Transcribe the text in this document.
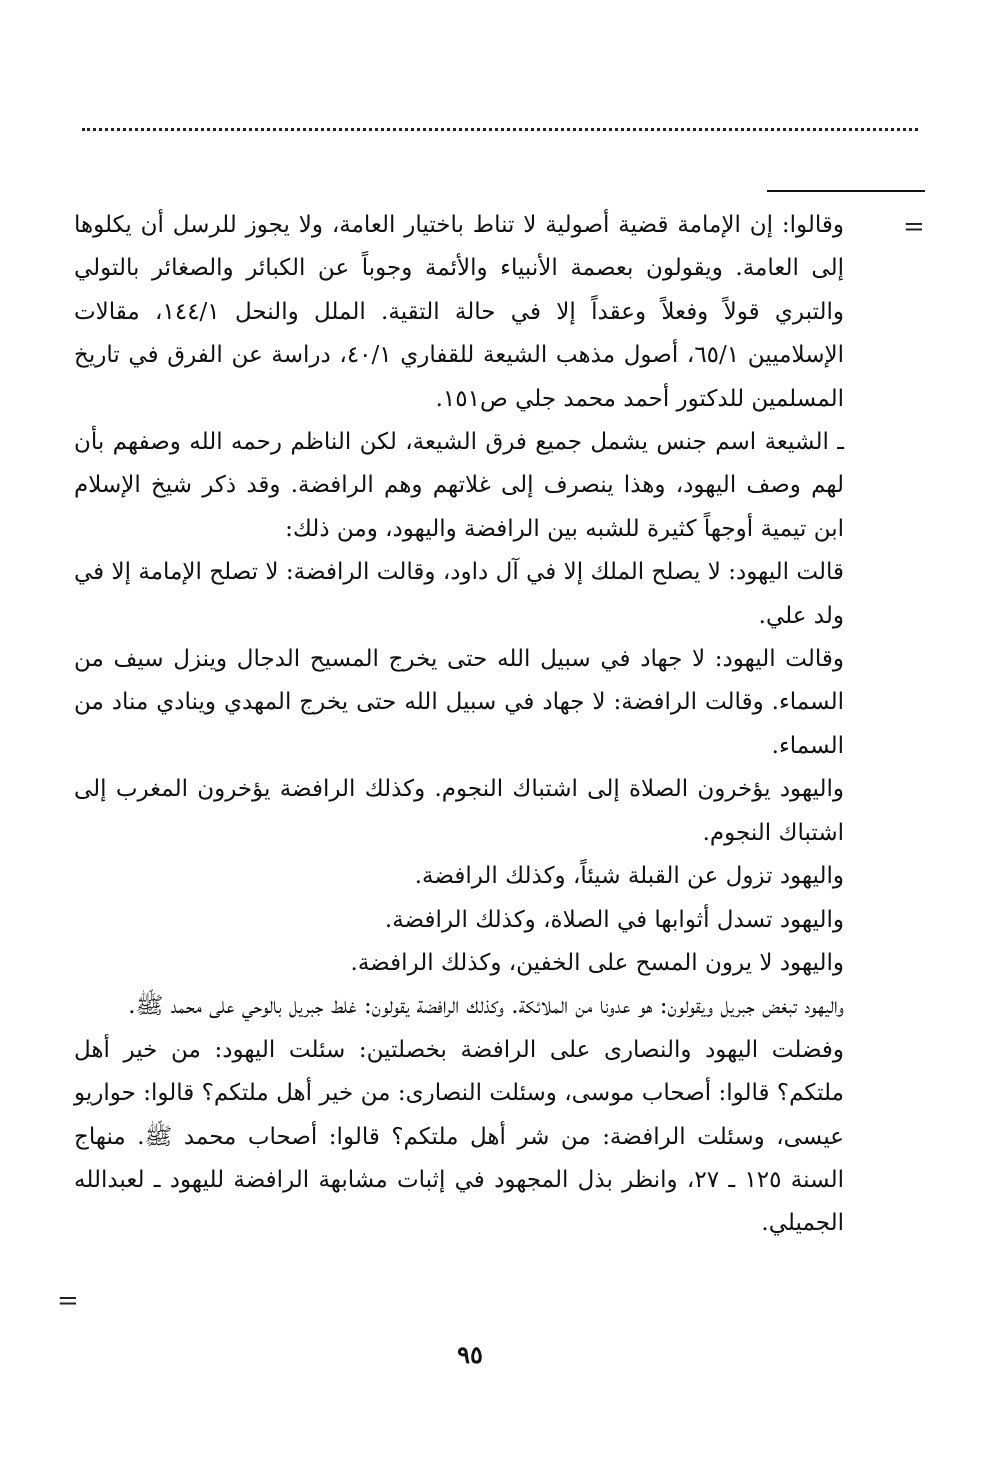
=

وقالوا: إن الإمامة قضية أصولية لا تناط باختيار العامة، ولا يجوز للرسل أن يكلوها إلى العامة. ويقولون بعصمة الأنبياء والأئمة وجوباً عن الكبائر والصغائر بالتولي والتبري قولاً وفعلاً وعقداً إلا في حالة التقية. الملل والنحل ١٤٤/١، مقالات الإسلاميين ٦٥/١، أصول مذهب الشيعة للقفاري ٤٠/١، دراسة عن الفرق في تاريخ المسلمين للدكتور أحمد محمد جلي ص١٥١.

ـ الشيعة اسم جنس يشمل جميع فرق الشيعة، لكن الناظم رحمه الله وصفهم بأن لهم وصف اليهود، وهذا ينصرف إلى غلاتهم وهم الرافضة. وقد ذكر شيخ الإسلام ابن تيمية أوجهاً كثيرة للشبه بين الرافضة واليهود، ومن ذلك:

قالت اليهود: لا يصلح الملك إلا في آل داود، وقالت الرافضة: لا تصلح الإمامة إلا في ولد علي.

وقالت اليهود: لا جهاد في سبيل الله حتى يخرج المسيح الدجال وينزل سيف من السماء. وقالت الرافضة: لا جهاد في سبيل الله حتى يخرج المهدي وينادي مناد من السماء.

واليهود يؤخرون الصلاة إلى اشتباك النجوم. وكذلك الرافضة يؤخرون المغرب إلى اشتباك النجوم.

واليهود تزول عن القبلة شيئاً، وكذلك الرافضة.

واليهود تسدل أثوابها في الصلاة، وكذلك الرافضة.

واليهود لا يرون المسح على الخفين، وكذلك الرافضة.

واليهود تبغض جبريل ويقولون: هو عدونا من الملائكة. وكذلك الرافضة يقولون: غلط جبريل بالوحي على محمد ﷺ.

وفضلت اليهود والنصارى على الرافضة بخصلتين: سئلت اليهود: من خير أهل ملتكم؟ قالوا: أصحاب موسى، وسئلت النصارى: من خير أهل ملتكم؟ قالوا: حواريو عيسى، وسئلت الرافضة: من شر أهل ملتكم؟ قالوا: أصحاب محمد ﷺ. منهاج السنة ١٢٥ ـ ٢٧، وانظر بذل المجهود في إثبات مشابهة الرافضة لليهود ـ لعبدالله الجميلي.

=
٩٥
